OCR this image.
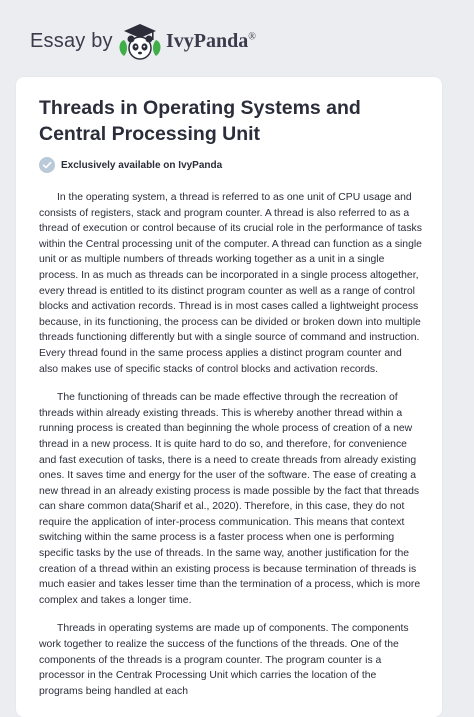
Essay by	IvyPanda®
Threads in Operating Systems and Central Processing Unit
Exclusively available on IvyPanda

In the operating system, a thread is referred to as one unit of CPU usage and consists of registers, stack and program counter. A thread is also referred to as a thread of execution or control because of its crucial role in the performance of tasks within the Central processing unit of the computer. A thread can function as a single unit or as multiple numbers of threads working together as a unit in a single process. In as much as threads can be incorporated in a single process altogether, every thread is entitled to its distinct program counter as well as a range of control blocks and activation records. Thread is in most cases called a lightweight process because, in its functioning, the process can be divided or broken down into multiple threads functioning differently but with a single source of command and instruction. Every thread found in the same process applies a distinct program counter and also makes use of specific stacks of control blocks and activation records.

The functioning of threads can be made effective through the recreation of threads within already existing threads. This is whereby another thread within a running process is created than beginning the whole process of creation of a new thread in a new process. It is quite hard to do so, and therefore, for convenience and fast execution of tasks, there is a need to create threads from already existing ones. It saves time and energy for the user of the software. The ease of creating a new thread in an already existing process is made possible by the fact that threads can share common data(Sharif et al., 2020). Therefore, in this case, they do not require the application of inter-process communication. This means that context switching within the same process is a faster process when one is performing specific tasks by the use of threads. In the same way, another justification for the creation of a thread within an existing process is because termination of threads is much easier and takes lesser time than the termination of a process, which is more complex and takes a longer time.

Threads in operating systems are made up of components. The components work together to realize the success of the functions of the threads. One of the components of the threads is a program counter. The program counter is a processor in the Centrak Processing Unit which carries the location of the programs being handled at each
